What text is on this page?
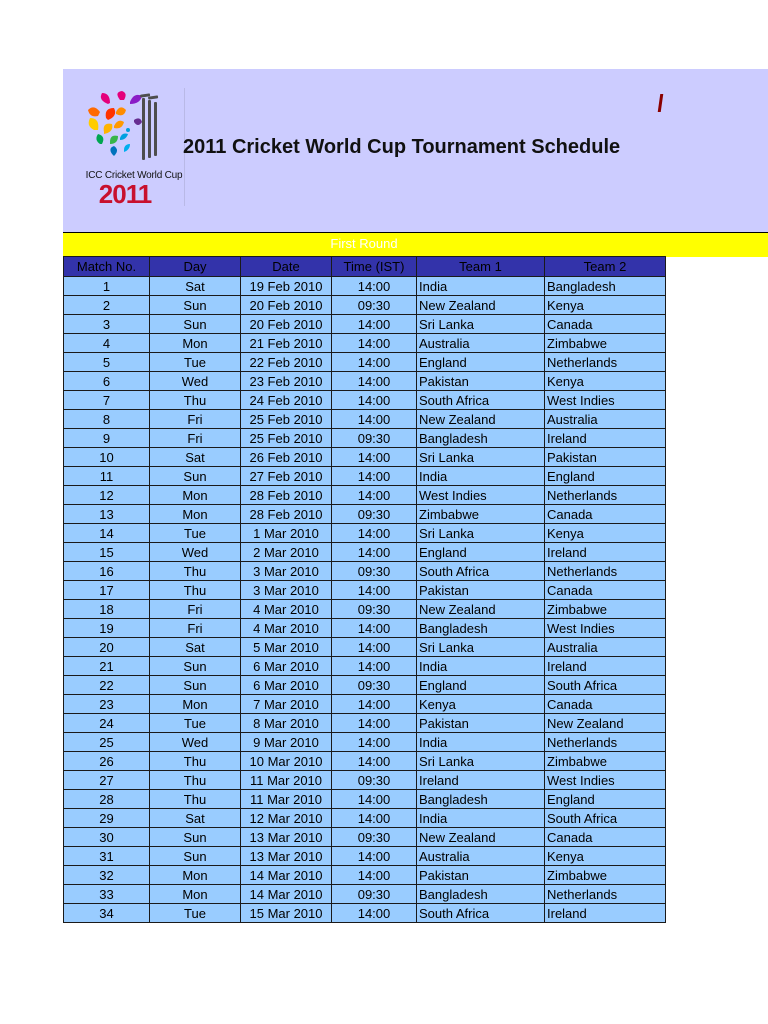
ICC Cricket World Cup
2011
2011 Cricket World Cup Tournament Schedule
First Round
Match No.	Day	Date	Time (IST)	Team 1	Team 2
1	Sat	19 Feb 2010	14:00	India	Bangladesh
2	Sun	20 Feb 2010	09:30	New Zealand	Kenya
3	Sun	20 Feb 2010	14:00	Sri Lanka	Canada
4	Mon	21 Feb 2010	14:00	Australia	Zimbabwe
5	Tue	22 Feb 2010	14:00	England	Netherlands
6	Wed	23 Feb 2010	14:00	Pakistan	Kenya
7	Thu	24 Feb 2010	14:00	South Africa	West Indies
8	Fri	25 Feb 2010	14:00	New Zealand	Australia
9	Fri	25 Feb 2010	09:30	Bangladesh	Ireland
10	Sat	26 Feb 2010	14:00	Sri Lanka	Pakistan
11	Sun	27 Feb 2010	14:00	India	England
12	Mon	28 Feb 2010	14:00	West Indies	Netherlands
13	Mon	28 Feb 2010	09:30	Zimbabwe	Canada
14	Tue	1 Mar 2010	14:00	Sri Lanka	Kenya
15	Wed	2 Mar 2010	14:00	England	Ireland
16	Thu	3 Mar 2010	09:30	South Africa	Netherlands
17	Thu	3 Mar 2010	14:00	Pakistan	Canada
18	Fri	4 Mar 2010	09:30	New Zealand	Zimbabwe
19	Fri	4 Mar 2010	14:00	Bangladesh	West Indies
20	Sat	5 Mar 2010	14:00	Sri Lanka	Australia
21	Sun	6 Mar 2010	14:00	India	Ireland
22	Sun	6 Mar 2010	09:30	England	South Africa
23	Mon	7 Mar 2010	14:00	Kenya	Canada
24	Tue	8 Mar 2010	14:00	Pakistan	New Zealand
25	Wed	9 Mar 2010	14:00	India	Netherlands
26	Thu	10 Mar 2010	14:00	Sri Lanka	Zimbabwe
27	Thu	11 Mar 2010	09:30	Ireland	West Indies
28	Thu	11 Mar 2010	14:00	Bangladesh	England
29	Sat	12 Mar 2010	14:00	India	South Africa
30	Sun	13 Mar 2010	09:30	New Zealand	Canada
31	Sun	13 Mar 2010	14:00	Australia	Kenya
32	Mon	14 Mar 2010	14:00	Pakistan	Zimbabwe
33	Mon	14 Mar 2010	09:30	Bangladesh	Netherlands
34	Tue	15 Mar 2010	14:00	South Africa	Ireland
